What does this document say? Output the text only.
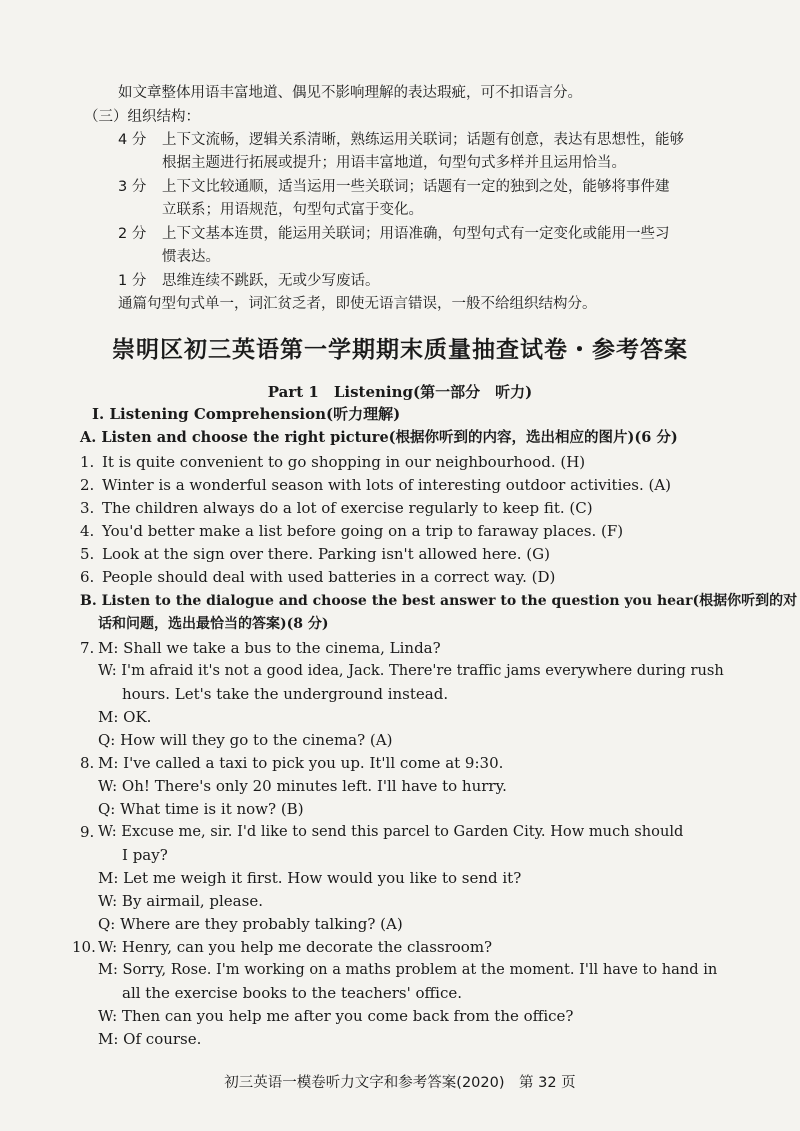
如文章整体用语丰富地道、偶见不影响理解的表达瑕疵，可不扣语言分。
（三）组织结构：
4 分 上下文流畅，逻辑关系清晰，熟练运用关联词；话题有创意，表达有思想性，能够
根据主题进行拓展或提升；用语丰富地道，句型句式多样并且运用恰当。
3 分 上下文比较通顺，适当运用一些关联词；话题有一定的独到之处，能够将事件建
立联系；用语规范，句型句式富于变化。
2 分 上下文基本连贯，能运用关联词；用语准确，句型句式有一定变化或能用一些习
惯表达。
1 分 思维连续不跳跃，无或少写废话。
通篇句型句式单一，词汇贫乏者，即使无语言错误，一般不给组织结构分。
崇明区初三英语第一学期期末质量抽查试卷・参考答案
Part 1　Listening(第一部分　听力)
Ⅰ. Listening Comprehension(听力理解)
A. Listen and choose the right picture(根据你听到的内容，选出相应的图片)(6 分)
1. It is quite convenient to go shopping in our neighbourhood. (H)
2. Winter is a wonderful season with lots of interesting outdoor activities. (A)
3. The children always do a lot of exercise regularly to keep fit. (C)
4. You'd better make a list before going on a trip to faraway places. (F)
5. Look at the sign over there. Parking isn't allowed here. (G)
6. People should deal with used batteries in a correct way. (D)
B. Listen to the dialogue and choose the best answer to the question you hear(根据你听到的对
话和问题，选出最恰当的答案)(8 分)
7. M: Shall we take a bus to the cinema, Linda?
W: I'm afraid it's not a good idea, Jack. There're traffic jams everywhere during rush
hours. Let's take the underground instead.
M: OK.
Q: How will they go to the cinema? (A)
8. M: I've called a taxi to pick you up. It'll come at 9:30.
W: Oh! There's only 20 minutes left. I'll have to hurry.
Q: What time is it now? (B)
9. W: Excuse me, sir. I'd like to send this parcel to Garden City. How much should
I pay?
M: Let me weigh it first. How would you like to send it?
W: By airmail, please.
Q: Where are they probably talking? (A)
10. W: Henry, can you help me decorate the classroom?
M: Sorry, Rose. I'm working on a maths problem at the moment. I'll have to hand in
all the exercise books to the teachers' office.
W: Then can you help me after you come back from the office?
M: Of course.
初三英语一模卷听力文字和参考答案(2020)　第 32 页
